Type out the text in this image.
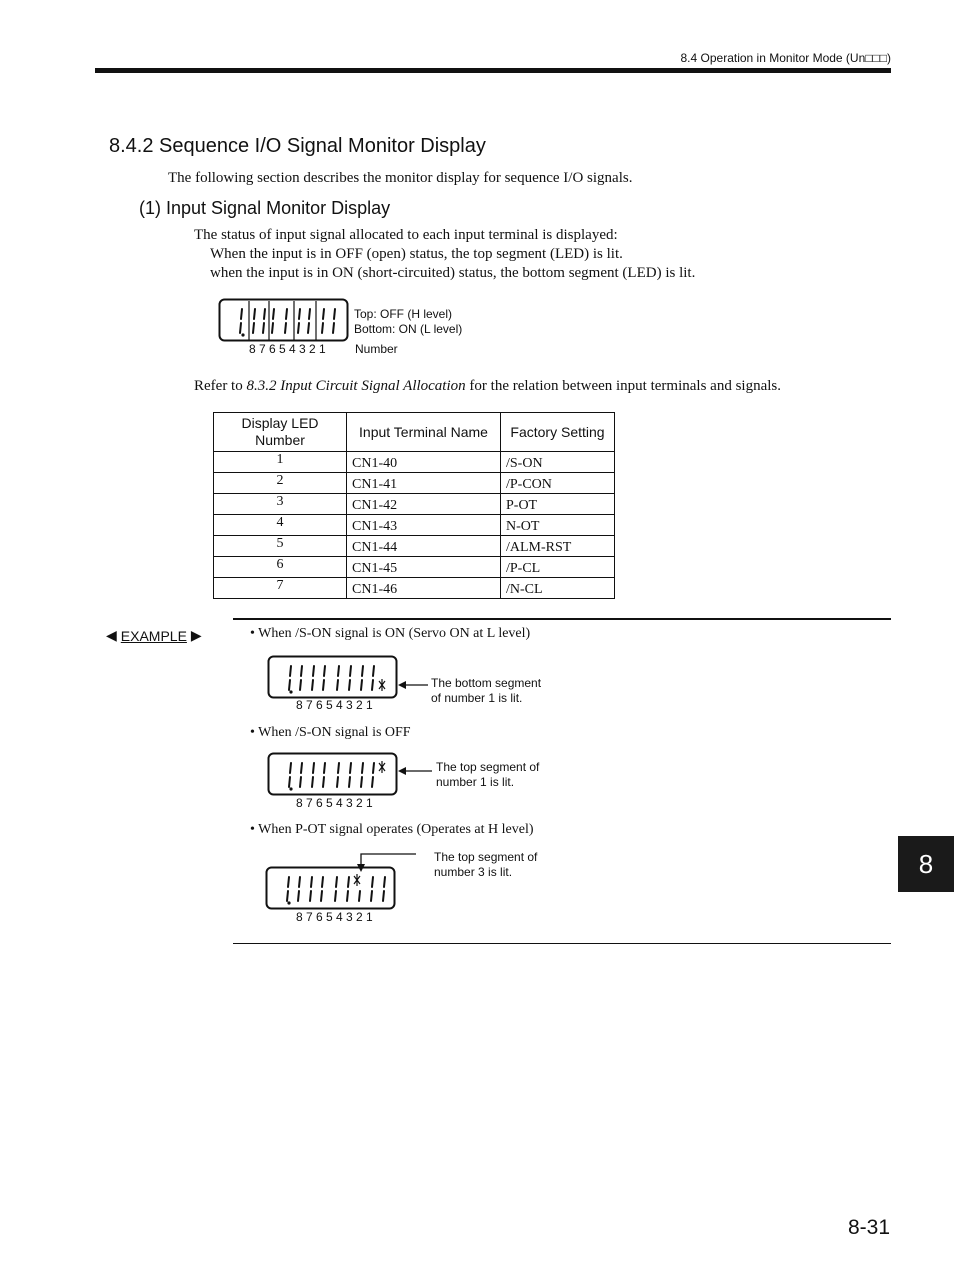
8.4 Operation in Monitor Mode (Un□□□)
8.4.2 Sequence I/O Signal Monitor Display
The following section describes the monitor display for sequence I/O signals.
(1) Input Signal Monitor Display
The status of input signal allocated to each input terminal is displayed:
When the input is in OFF (open) status, the top segment (LED) is lit.
when the input is in ON (short-circuited) status, the bottom segment (LED) is lit.
8 7 6 5 4 3 2 1
Top: OFF (H level)
Bottom: ON (L level)
Number
Refer to 8.3.2 Input Circuit Signal Allocation for the relation between input terminals and signals.
Display LED Number	Input Terminal Name	Factory Setting
1	CN1-40	/S-ON
2	CN1-41	/P-CON
3	CN1-42	P-OT
4	CN1-43	N-OT
5	CN1-44	/ALM-RST
6	CN1-45	/P-CL
7	CN1-46	/N-CL
◀ EXAMPLE ▶	• When /S-ON signal is ON (Servo ON at L level)
The bottom segment
of number 1 is lit.
8 7 6 5 4 3 2 1
• When /S-ON signal is OFF
The top segment of
number 1 is lit.
8 7 6 5 4 3 2 1
• When P-OT signal operates (Operates at H level)
The top segment of
number 3 is lit.
8 7 6 5 4 3 2 1
8
8-31
